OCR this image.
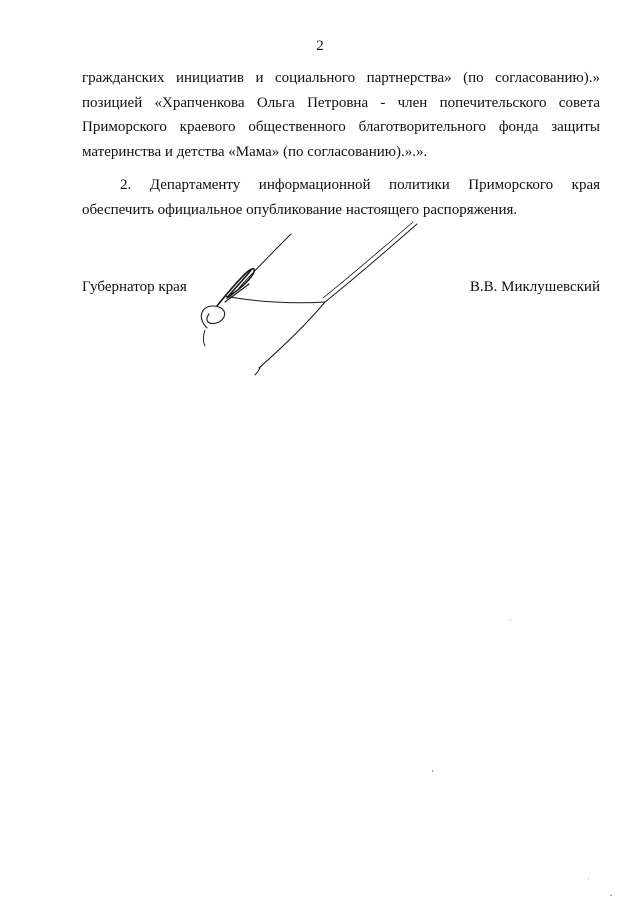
2
гражданских инициатив и социального партнерства» (по согласованию).»
позицией «Храпченкова Ольга Петровна - член попечительского совета
Приморского краевого общественного благотворительного фонда защиты
материнства и детства «Мама» (по согласованию).».».
2. Департаменту информационной политики Приморского края
обеспечить официальное опубликование настоящего распоряжения.
Губернатор края	В.В. Миклушевский
